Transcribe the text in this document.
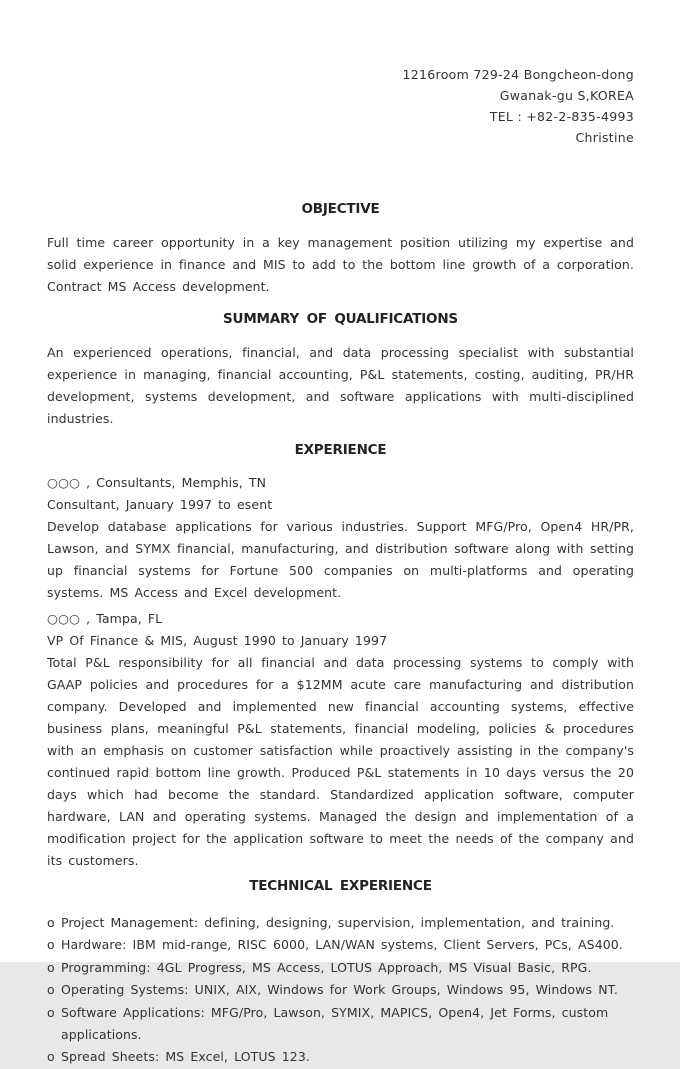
1216room 729-24 Bongcheon-dong
Gwanak-gu S,KOREA
TEL : +82-2-835-4993
Christine
OBJECTIVE

Full time career opportunity in a key management position utilizing my expertise and solid experience in finance and MIS to add to the bottom line growth of a corporation. Contract MS Access development.

SUMMARY OF QUALIFICATIONS

An experienced operations, financial, and data processing specialist with substantial experience in managing, financial accounting, P&L statements, costing, auditing, PR/HR development, systems development, and software applications with multi-disciplined industries.

EXPERIENCE
○○○ , Consultants, Memphis, TN
Consultant, January 1997 to esent

Develop database applications for various industries. Support MFG/Pro, Open4 HR/PR, Lawson, and SYMX financial, manufacturing, and distribution software along with setting up financial systems for Fortune 500 companies on multi-platforms and operating systems. MS Access and Excel development.

○○○ , Tampa, FL
VP Of Finance & MIS, August 1990 to January 1997

Total P&L responsibility for all financial and data processing systems to comply with GAAP policies and procedures for a $12MM acute care manufacturing and distribution company. Developed and implemented new financial accounting systems, effective business plans, meaningful P&L statements, financial modeling, policies & procedures with an emphasis on customer satisfaction while proactively assisting in the company's continued rapid bottom line growth. Produced P&L statements in 10 days versus the 20 days which had become the standard. Standardized application software, computer hardware, LAN and operating systems. Managed the design and implementation of a modification project for the application software to meet the needs of the company and its customers.

TECHNICAL EXPERIENCE
o Project Management: defining, designing, supervision, implementation, and training.
o Hardware: IBM mid-range, RISC 6000, LAN/WAN systems, Client Servers, PCs, AS400.
o Programming: 4GL Progress, MS Access, LOTUS Approach, MS Visual Basic, RPG.
o Operating Systems: UNIX, AIX, Windows for Work Groups, Windows 95, Windows NT.
o Software Applications: MFG/Pro, Lawson, SYMIX, MAPICS, Open4, Jet Forms, custom applications.
o Spread Sheets: MS Excel, LOTUS 123.
